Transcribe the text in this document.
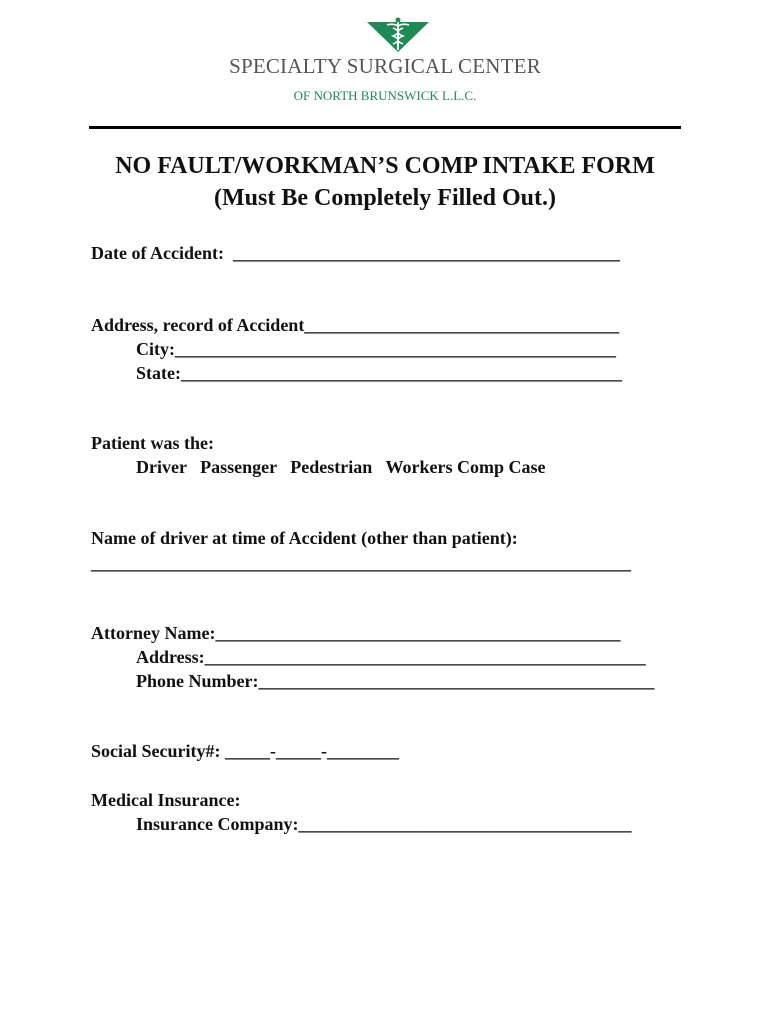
SPECIALTY SURGICAL CENTER
OF NORTH BRUNSWICK L.L.C.
NO FAULT/WORKMAN’S COMP INTAKE FORM
(Must Be Completely Filled Out.)
Date of Accident:  ___________________________________________
Address, record of Accident___________________________________
City:_________________________________________________
State:_________________________________________________
Patient was the:
Driver   Passenger   Pedestrian   Workers Comp Case
Name of driver at time of Accident (other than patient):
____________________________________________________________
Attorney Name:_____________________________________________
Address:_________________________________________________
Phone Number:____________________________________________
Social Security#: _____-_____-________
Medical Insurance:
Insurance Company:_____________________________________
